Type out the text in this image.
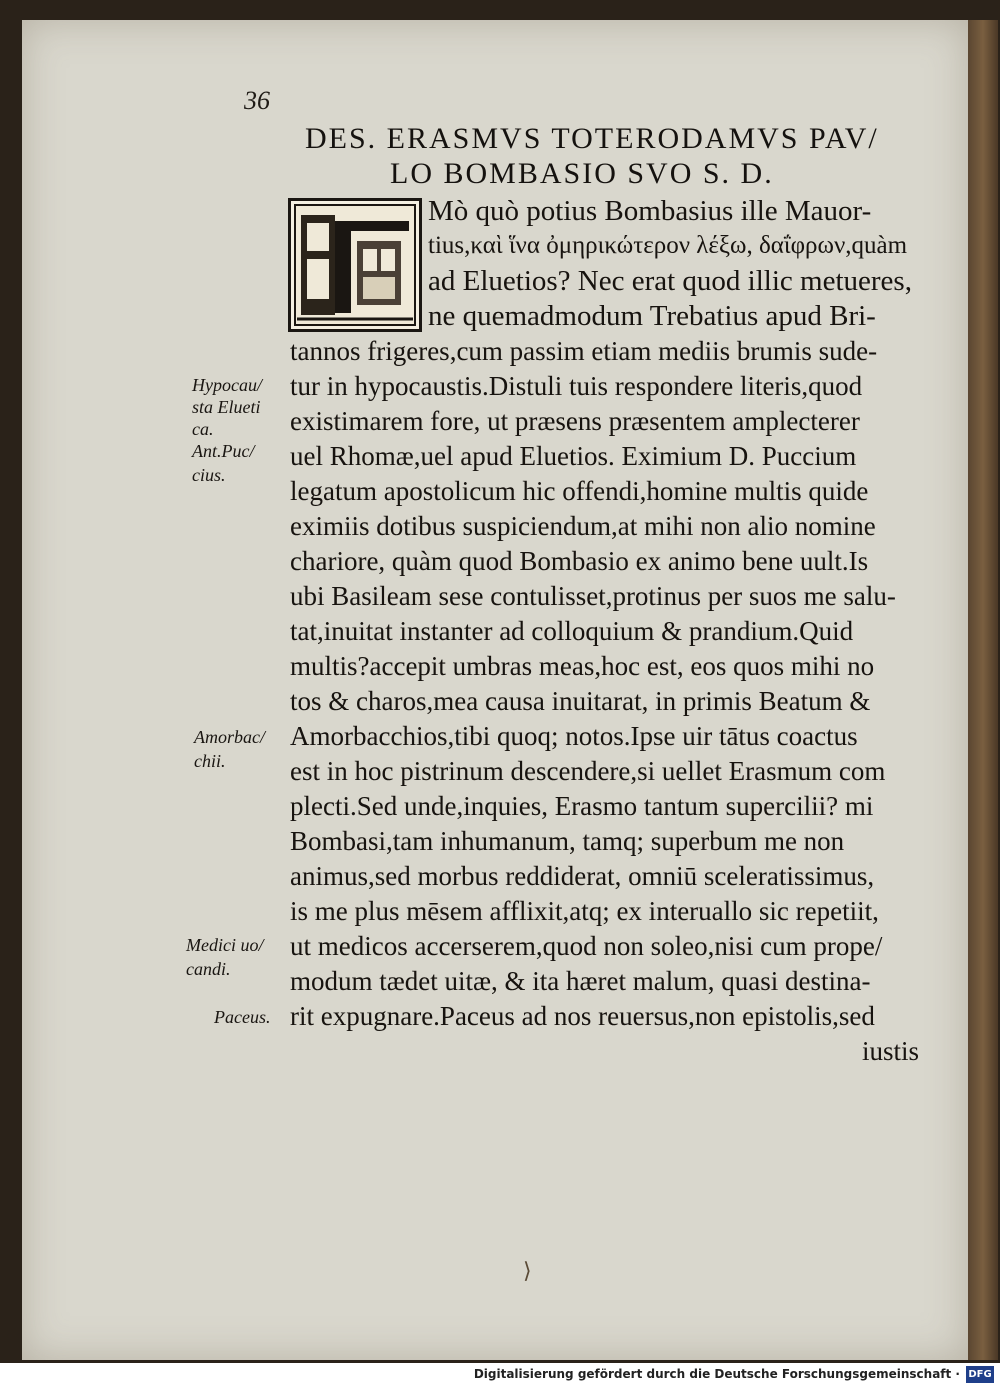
36
DES. ERASMVS TOTERODAMVS PAV/
LO BOMBASIO SVO S. D.
Mò quò potius Bombasius ille Mauor-
tius,καὶ ἵνα ὀμηρικώτερον λέξω, δαΐφρων,quàm
ad Eluetios? Nec erat quod illic metueres,
ne quemadmodum Trebatius apud Bri-
tannos frigeres,cum passim etiam mediis brumis sude-
tur in hypocaustis.Distuli tuis respondere literis,quod
existimarem fore, ut præsens præsentem amplecterer
uel Rhomæ,uel apud Eluetios. Eximium D. Puccium
legatum apostolicum hic offendi,homine multis quide
eximiis dotibus suspiciendum,at mihi non alio nomine
chariore, quàm quod Bombasio ex animo bene uult.Is
ubi Basileam sese contulisset,protinus per suos me salu-
tat,inuitat instanter ad colloquium & prandium.Quid
multis?accepit umbras meas,hoc est, eos quos mihi no
tos & charos,mea causa inuitarat, in primis Beatum &
Amorbacchios,tibi quoq; notos.Ipse uir tātus coactus
est in hoc pistrinum descendere,si uellet Erasmum com
plecti.Sed unde,inquies, Erasmo tantum supercilii? mi
Bombasi,tam inhumanum, tamq; superbum me non
animus,sed morbus reddiderat, omniū sceleratissimus,
is me plus mēsem afflixit,atq; ex interuallo sic repetiit,
ut medicos accerserem,quod non soleo,nisi cum prope/
modum tædet uitæ, & ita hæret malum, quasi destina-
rit expugnare.Paceus ad nos reuersus,non epistolis,sed
iustis
Hypocau/
sta Elueti
ca.
Ant.Puc/
cius.
Amorbac/
chii.
Medici uo/
candi.
Paceus.
⟩
Digitalisierung gefördert durch die Deutsche Forschungsgemeinschaft · DFG
